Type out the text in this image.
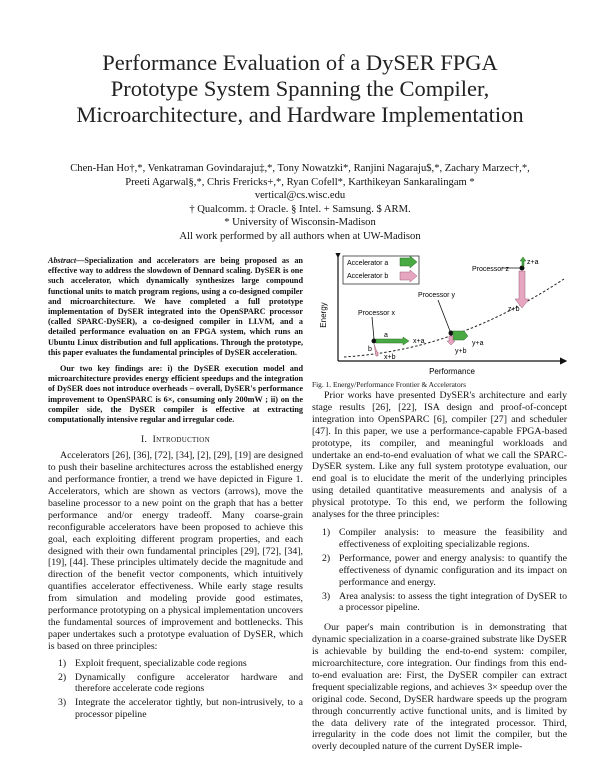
Performance Evaluation of a DySER FPGA
Prototype System Spanning the Compiler,
Microarchitecture, and Hardware Implementation
Chen-Han Ho†,*, Venkatraman Govindaraju‡,*, Tony Nowatzki*, Ranjini Nagaraju$,*, Zachary Marzec†,*,
Preeti Agarwal§,*, Chris Frericks+,*, Ryan Cofell*, Karthikeyan Sankaralingam *
vertical@cs.wisc.edu
† Qualcomm. ‡ Oracle. § Intel. + Samsung. $ ARM.
* University of Wisconsin-Madison
All work performed by all authors when at UW-Madison

Abstract—Specialization and accelerators are being proposed as an effective way to address the slowdown of Dennard scaling. DySER is one such accelerator, which dynamically synthesizes large compound functional units to match program regions, using a co-designed compiler and microarchitecture. We have completed a full prototype implementation of DySER integrated into the OpenSPARC processor (called SPARC-DySER), a co-designed compiler in LLVM, and a detailed performance evaluation on an FPGA system, which runs an Ubuntu Linux distribution and full applications. Through the prototype, this paper evaluates the fundamental principles of DySER acceleration.

Our two key findings are: i) the DySER execution model and microarchitecture provides energy efficient speedups and the integration of DySER does not introduce overheads – overall, DySER's performance improvement to OpenSPARC is 6×, consuming only 200mW ; ii) on the compiler side, the DySER compiler is effective at extracting computationally intensive regular and irregular code.

I. Introduction

Accelerators [26], [36], [72], [34], [2], [29], [19] are designed to push their baseline architectures across the established energy and performance frontier, a trend we have depicted in Figure 1. Accelerators, which are shown as vectors (arrows), move the baseline processor to a new point on the graph that has a better performance and/or energy tradeoff. Many coarse-grain reconfigurable accelerators have been proposed to achieve this goal, each exploiting different program properties, and each designed with their own fundamental principles [29], [72], [34], [19], [44]. These principles ultimately decide the magnitude and direction of the benefit vector components, which intuitively quantifies accelerator effectiveness. While early stage results from simulation and modeling provide good estimates, performance prototyping on a physical implementation uncovers the fundamental sources of improvement and bottlenecks. This paper undertakes such a prototype evaluation of DySER, which is based on three principles:

1) Exploit frequent, specializable code regions
2) Dynamically configure accelerator hardware and therefore accelerate code regions
3) Integrate the accelerator tightly, but non-intrusively, to a processor pipeline
Energy
Performance
Accelerator a
Accelerator b
Processor x
a
x+a
b
x+b
Processor y
y+a
y+b
Processor z
z+a
z+b
Fig. 1. Energy/Performance Frontier & Accelerators

Prior works have presented DySER's architecture and early stage results [26], [22], ISA design and proof-of-concept integration into OpenSPARC [6], compiler [27] and scheduler [47]. In this paper, we use a performance-capable FPGA-based prototype, its compiler, and meaningful workloads and undertake an end-to-end evaluation of what we call the SPARC-DySER system. Like any full system prototype evaluation, our end goal is to elucidate the merit of the underlying principles using detailed quantitative measurements and analysis of a physical prototype. To this end, we perform the following analyses for the three principles:

1) Compiler analysis: to measure the feasibility and effectiveness of exploiting specializable regions.
2) Performance, power and energy analysis: to quantify the effectiveness of dynamic configuration and its impact on performance and energy.
3) Area analysis: to assess the tight integration of DySER to a processor pipeline.

Our paper's main contribution is in demonstrating that dynamic specialization in a coarse-grained substrate like DySER is achievable by building the end-to-end system: compiler, microarchitecture, core integration. Our findings from this end-to-end evaluation are: First, the DySER compiler can extract frequent specializable regions, and achieves 3× speedup over the original code. Second, DySER hardware speeds up the program through concurrently active functional units, and is limited by the data delivery rate of the integrated processor. Third, irregularity in the code does not limit the compiler, but the overly decoupled nature of the current DySER imple-
